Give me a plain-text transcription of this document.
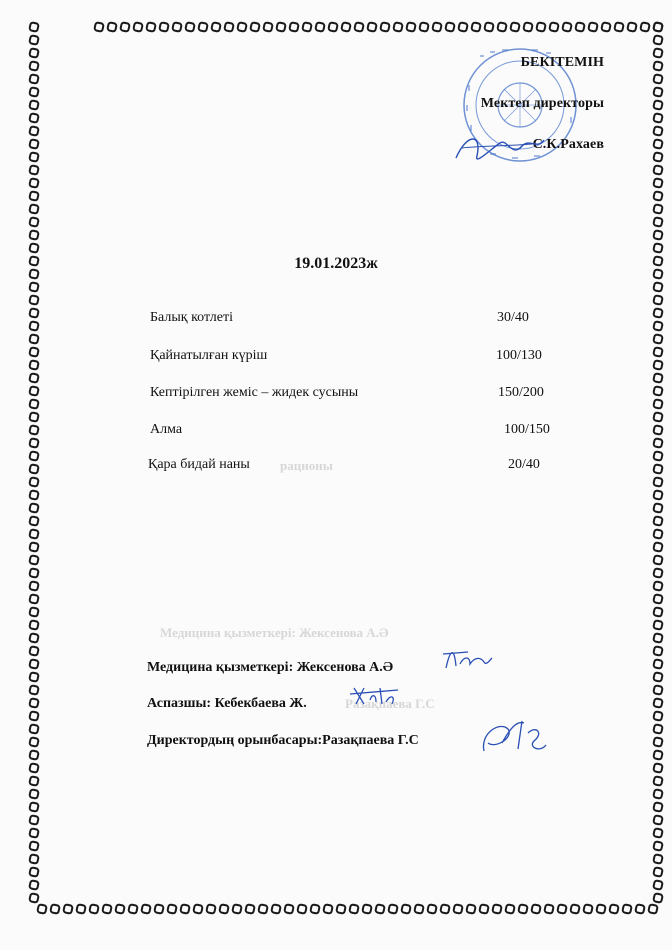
рационы
Медицина қызметкері: Жексенова А.Ә
Разақпаева Г.С
БЕКІТЕМІН
Мектеп директоры
С.К.Рахаев
19.01.2023ж
Балық котлеті	30/40
Қайнатылған күріш	100/130
Кептірілген жеміс – жидек сусыны	150/200
Алма	100/150
Қара бидай наны	20/40
Медицина қызметкері: Жексенова А.Ә
Аспазшы: Кебекбаева Ж.
Директордың орынбасары:Разақпаева Г.С
